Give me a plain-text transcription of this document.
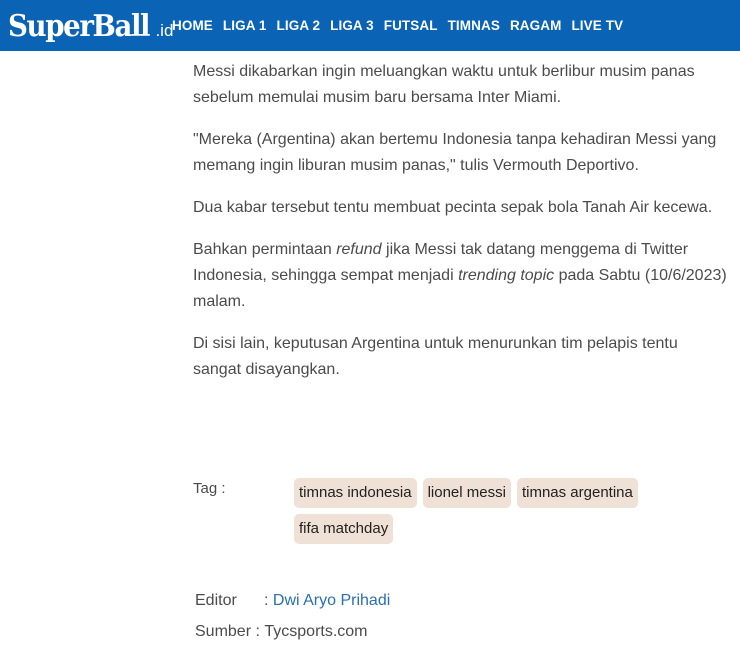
SuperBall .id
HOME LIGA 1 LIGA 2 LIGA 3 FUTSAL TIMNAS RAGAM LIVE TV

Messi dikabarkan ingin meluangkan waktu untuk berlibur musim panas sebelum memulai musim baru bersama Inter Miami.

"Mereka (Argentina) akan bertemu Indonesia tanpa kehadiran Messi yang memang ingin liburan musim panas," tulis Vermouth Deportivo.

Dua kabar tersebut tentu membuat pecinta sepak bola Tanah Air kecewa.

Bahkan permintaan refund jika Messi tak datang menggema di Twitter Indonesia, sehingga sempat menjadi trending topic pada Sabtu (10/6/2023) malam.

Di sisi lain, keputusan Argentina untuk menurunkan tim pelapis tentu sangat disayangkan.

Tag :	timnas indonesia	lionel messi	timnas argentina
fifa matchday
Editor	: Dwi Aryo Prihadi
Sumber : Tycsports.com
